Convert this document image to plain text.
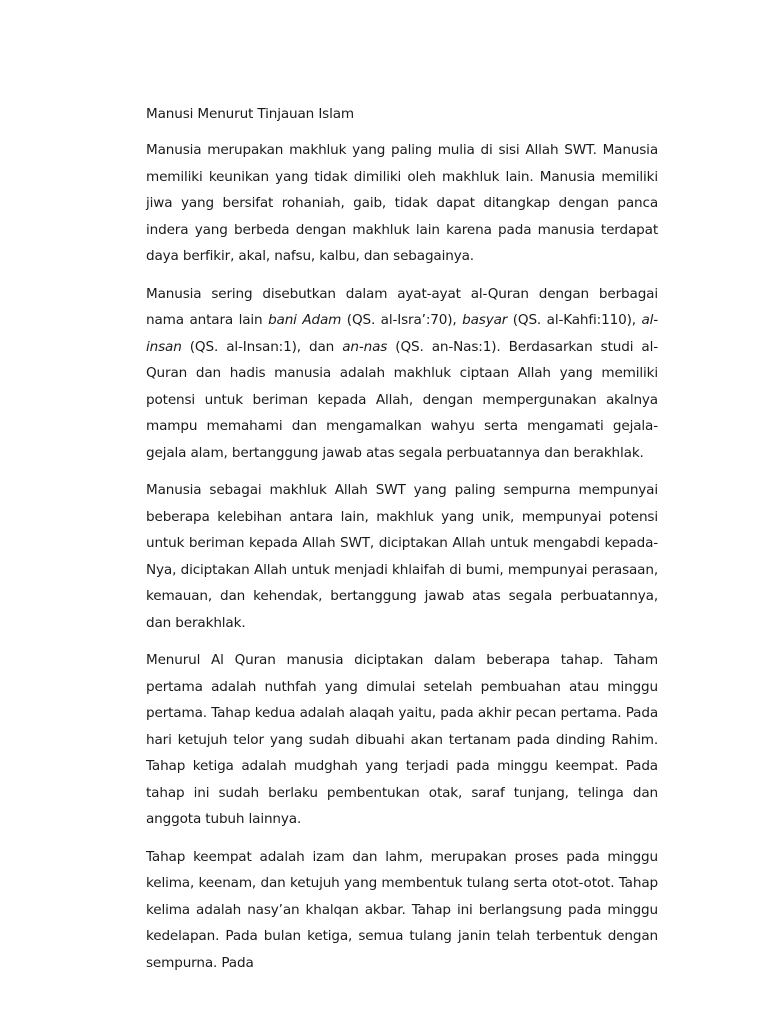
Manusi Menurut Tinjauan Islam

Manusia merupakan makhluk yang paling mulia di sisi Allah SWT. Manusia memiliki keunikan yang tidak dimiliki oleh makhluk lain. Manusia memiliki jiwa yang bersifat rohaniah, gaib, tidak dapat ditangkap dengan panca indera yang berbeda dengan makhluk lain karena pada manusia terdapat daya berfikir, akal, nafsu, kalbu, dan sebagainya.

Manusia sering disebutkan dalam ayat-ayat al-Quran dengan berbagai nama antara lain bani Adam (QS. al-Isra’:70), basyar (QS. al-Kahfi:110), al-insan (QS. al-Insan:1), dan an-nas (QS. an-Nas:1). Berdasarkan studi al-Quran dan hadis manusia adalah makhluk ciptaan Allah yang memiliki potensi untuk beriman kepada Allah, dengan mempergunakan akalnya mampu memahami dan mengamalkan wahyu serta mengamati gejala-gejala alam, bertanggung jawab atas segala perbuatannya dan berakhlak.

Manusia sebagai makhluk Allah SWT yang paling sempurna mempunyai beberapa kelebihan antara lain, makhluk yang unik, mempunyai potensi untuk beriman kepada Allah SWT, diciptakan Allah untuk mengabdi kepada-Nya, diciptakan Allah untuk menjadi khlaifah di bumi, mempunyai perasaan, kemauan, dan kehendak, bertanggung jawab atas segala perbuatannya, dan berakhlak.

Menurul Al Quran manusia diciptakan dalam beberapa tahap. Taham pertama adalah nuthfah yang dimulai setelah pembuahan atau minggu pertama. Tahap kedua adalah alaqah yaitu, pada akhir pecan pertama. Pada hari ketujuh telor yang sudah dibuahi akan tertanam pada dinding Rahim. Tahap ketiga adalah mudghah yang terjadi pada minggu keempat. Pada tahap ini sudah berlaku pembentukan otak, saraf tunjang, telinga dan anggota tubuh lainnya.

Tahap keempat adalah izam dan lahm, merupakan proses pada minggu kelima, keenam, dan ketujuh yang membentuk tulang serta otot-otot. Tahap kelima adalah nasy’an khalqan akbar. Tahap ini berlangsung pada minggu kedelapan. Pada bulan ketiga, semua tulang janin telah terbentuk dengan sempurna. Pada
